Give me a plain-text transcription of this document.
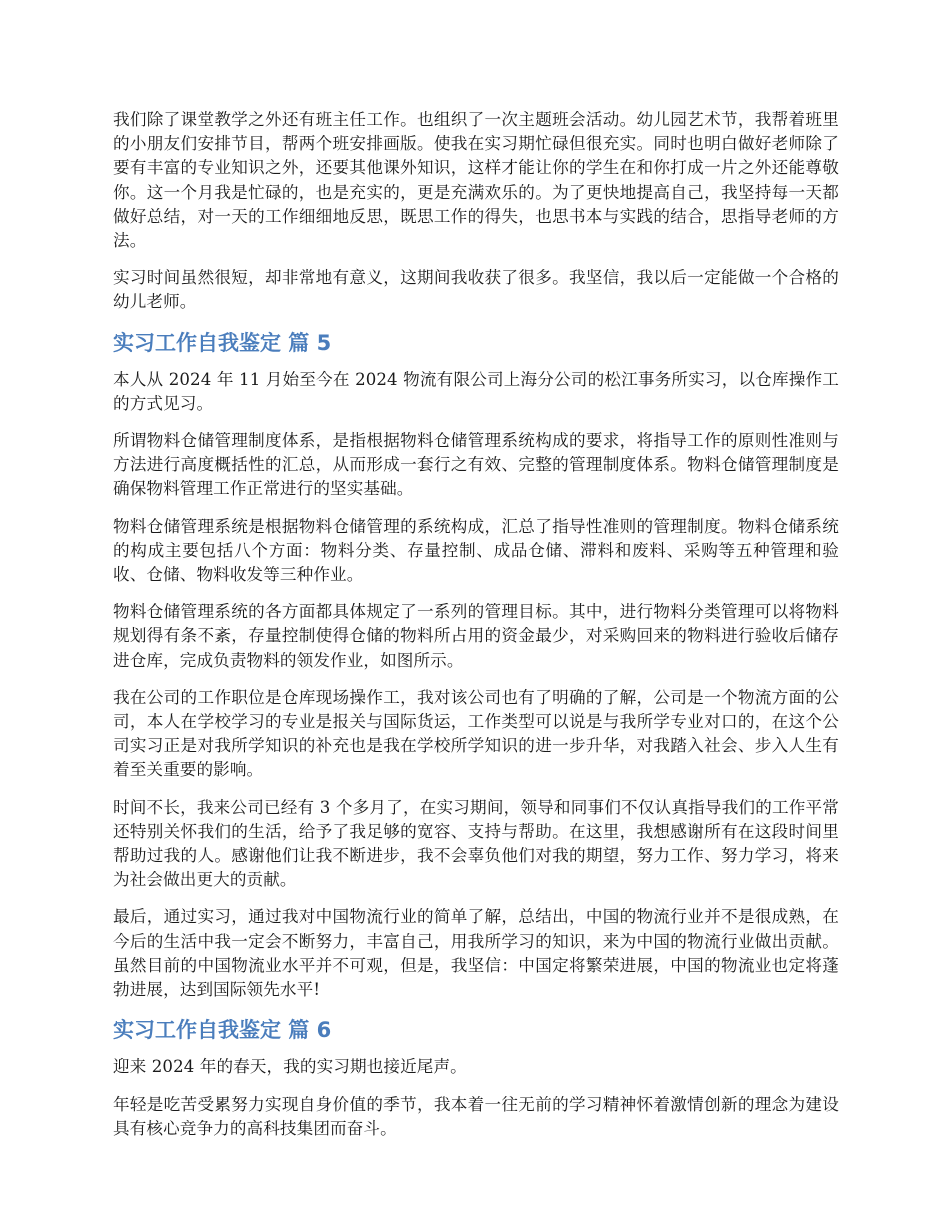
我们除了课堂教学之外还有班主任工作。也组织了一次主题班会活动。幼儿园艺术节，我帮着班里的小朋友们安排节目，帮两个班安排画版。使我在实习期忙碌但很充实。同时也明白做好老师除了要有丰富的专业知识之外，还要其他课外知识，这样才能让你的学生在和你打成一片之外还能尊敬你。这一个月我是忙碌的，也是充实的，更是充满欢乐的。为了更快地提高自己，我坚持每一天都做好总结，对一天的工作细细地反思，既思工作的得失，也思书本与实践的结合，思指导老师的方法。

实习时间虽然很短，却非常地有意义，这期间我收获了很多。我坚信，我以后一定能做一个合格的幼儿老师。

实习工作自我鉴定 篇 5

本人从 2024 年 11 月始至今在 2024 物流有限公司上海分公司的松江事务所实习，以仓库操作工的方式见习。

所谓物料仓储管理制度体系，是指根据物料仓储管理系统构成的要求，将指导工作的原则性准则与方法进行高度概括性的汇总，从而形成一套行之有效、完整的管理制度体系。物料仓储管理制度是确保物料管理工作正常进行的坚实基础。

物料仓储管理系统是根据物料仓储管理的系统构成，汇总了指导性准则的管理制度。物料仓储系统的构成主要包括八个方面：物料分类、存量控制、成品仓储、滞料和废料、采购等五种管理和验收、仓储、物料收发等三种作业。

物料仓储管理系统的各方面都具体规定了一系列的管理目标。其中，进行物料分类管理可以将物料规划得有条不紊，存量控制使得仓储的物料所占用的资金最少，对采购回来的物料进行验收后储存进仓库，完成负责物料的领发作业，如图所示。

我在公司的工作职位是仓库现场操作工，我对该公司也有了明确的了解，公司是一个物流方面的公司，本人在学校学习的专业是报关与国际货运，工作类型可以说是与我所学专业对口的，在这个公司实习正是对我所学知识的补充也是我在学校所学知识的进一步升华，对我踏入社会、步入人生有着至关重要的影响。

时间不长，我来公司已经有 3 个多月了，在实习期间，领导和同事们不仅认真指导我们的工作平常还特别关怀我们的生活，给予了我足够的宽容、支持与帮助。在这里，我想感谢所有在这段时间里帮助过我的人。感谢他们让我不断进步，我不会辜负他们对我的期望，努力工作、努力学习，将来为社会做出更大的贡献。

最后，通过实习，通过我对中国物流行业的简单了解，总结出，中国的物流行业并不是很成熟，在今后的生活中我一定会不断努力，丰富自己，用我所学习的知识，来为中国的物流行业做出贡献。虽然目前的中国物流业水平并不可观，但是，我坚信：中国定将繁荣进展，中国的物流业也定将蓬勃进展，达到国际领先水平!

实习工作自我鉴定 篇 6

迎来 2024 年的春天，我的实习期也接近尾声。

年轻是吃苦受累努力实现自身价值的季节，我本着一往无前的学习精神怀着激情创新的理念为建设具有核心竞争力的高科技集团而奋斗。
